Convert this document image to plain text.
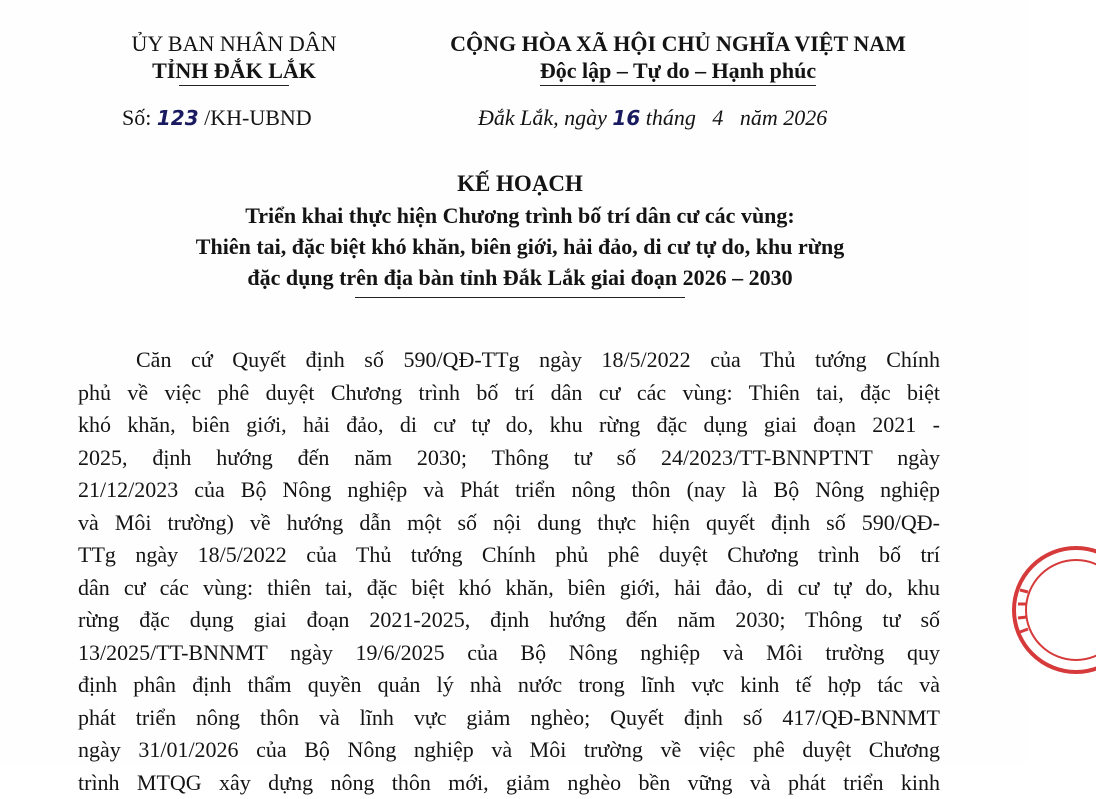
ỦY BAN NHÂN DÂN
TỈNH ĐẮK LẮK
CỘNG HÒA XÃ HỘI CHỦ NGHĨA VIỆT NAM
Độc lập – Tự do – Hạnh phúc
Số: 123 /KH-UBND	Đắk Lắk, ngày 16 tháng   4   năm 2026
KẾ HOẠCH
Triển khai thực hiện Chương trình bố trí dân cư các vùng:
Thiên tai, đặc biệt khó khăn, biên giới, hải đảo, di cư tự do, khu rừng
đặc dụng trên địa bàn tỉnh Đắk Lắk giai đoạn 2026 – 2030
Căn cứ Quyết định số 590/QĐ-TTg ngày 18/5/2022 của Thủ tướng Chính
phủ về việc phê duyệt Chương trình bố trí dân cư các vùng: Thiên tai, đặc biệt
khó khăn, biên giới, hải đảo, di cư tự do, khu rừng đặc dụng giai đoạn 2021 -
2025, định hướng đến năm 2030; Thông tư số 24/2023/TT-BNNPTNT ngày
21/12/2023 của Bộ Nông nghiệp và Phát triển nông thôn (nay là Bộ Nông nghiệp
và Môi trường) về hướng dẫn một số nội dung thực hiện quyết định số 590/QĐ-
TTg ngày 18/5/2022 của Thủ tướng Chính phủ phê duyệt Chương trình bố trí
dân cư các vùng: thiên tai, đặc biệt khó khăn, biên giới, hải đảo, di cư tự do, khu
rừng đặc dụng giai đoạn 2021-2025, định hướng đến năm 2030; Thông tư số
13/2025/TT-BNNMT ngày 19/6/2025 của Bộ Nông nghiệp và Môi trường quy
định phân định thẩm quyền quản lý nhà nước trong lĩnh vực kinh tế hợp tác và
phát triển nông thôn và lĩnh vực giảm nghèo; Quyết định số 417/QĐ-BNNMT
ngày 31/01/2026 của Bộ Nông nghiệp và Môi trường về việc phê duyệt Chương
trình MTQG xây dựng nông thôn mới, giảm nghèo bền vững và phát triển kinh
